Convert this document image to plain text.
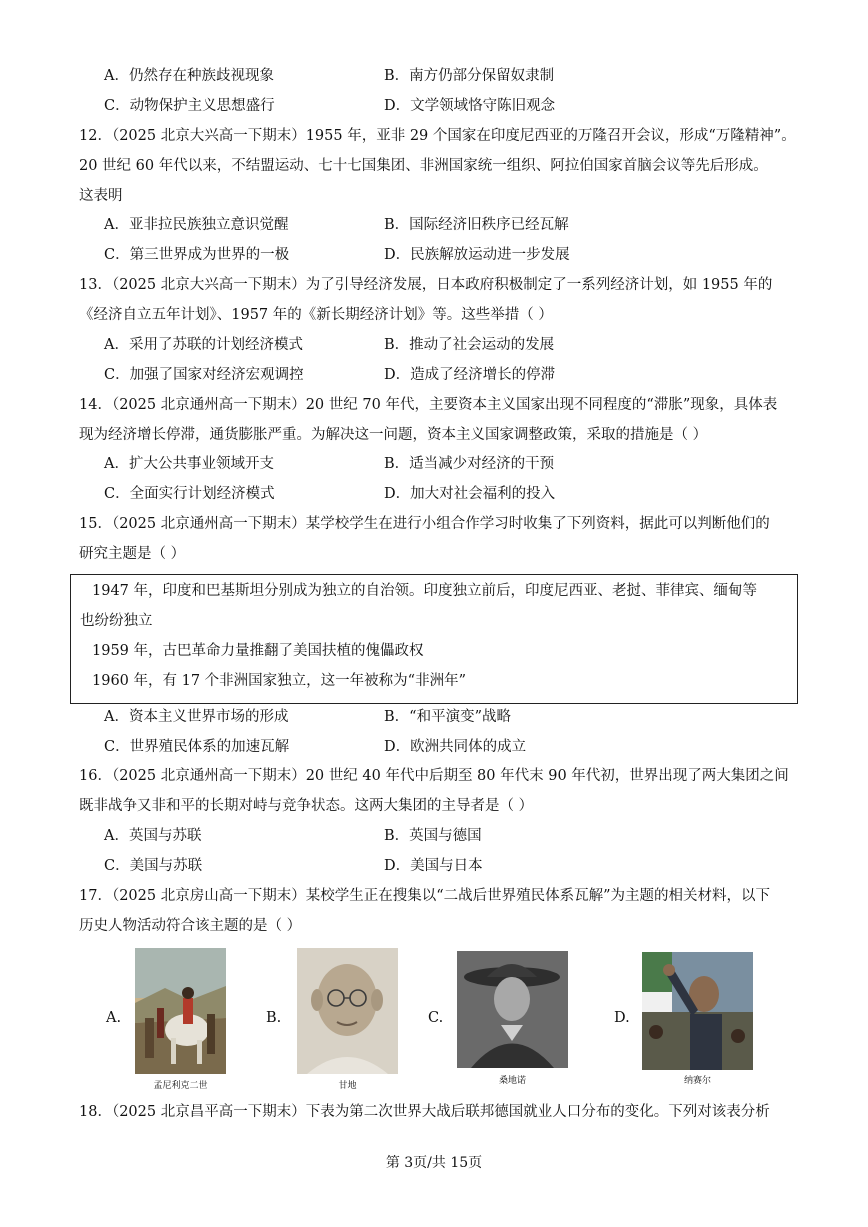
A．仍然存在种族歧视现象	B．南方仍部分保留奴隶制
C．动物保护主义思想盛行	D．文学领域恪守陈旧观念
12．（2025 北京大兴高一下期末）1955 年，亚非 29 个国家在印度尼西亚的万隆召开会议，形成“万隆精神”。
20 世纪 60 年代以来，不结盟运动、七十七国集团、非洲国家统一组织、阿拉伯国家首脑会议等先后形成。
这表明
A．亚非拉民族独立意识觉醒	B．国际经济旧秩序已经瓦解
C．第三世界成为世界的一极	D．民族解放运动进一步发展
13．（2025 北京大兴高一下期末）为了引导经济发展，日本政府积极制定了一系列经济计划，如 1955 年的
《经济自立五年计划》、1957 年的《新长期经济计划》等。这些举措（ ）
A．采用了苏联的计划经济模式	B．推动了社会运动的发展
C．加强了国家对经济宏观调控	D．造成了经济增长的停滞
14．（2025 北京通州高一下期末）20 世纪 70 年代，主要资本主义国家出现不同程度的“滞胀”现象，具体表
现为经济增长停滞，通货膨胀严重。为解决这一问题，资本主义国家调整政策，采取的措施是（ ）
A．扩大公共事业领域开支	B．适当减少对经济的干预
C．全面实行计划经济模式	D．加大对社会福利的投入
15．（2025 北京通州高一下期末）某学校学生在进行小组合作学习时收集了下列资料，据此可以判断他们的
研究主题是（ ）
1947 年，印度和巴基斯坦分别成为独立的自治领。印度独立前后，印度尼西亚、老挝、菲律宾、缅甸等
也纷纷独立
1959 年，古巴革命力量推翻了美国扶植的傀儡政权
1960 年，有 17 个非洲国家独立，这一年被称为“非洲年”
A．资本主义世界市场的形成	B．“和平演变”战略
C．世界殖民体系的加速瓦解	D．欧洲共同体的成立
16．（2025 北京通州高一下期末）20 世纪 40 年代中后期至 80 年代末 90 年代初，世界出现了两大集团之间
既非战争又非和平的长期对峙与竞争状态。这两大集团的主导者是（ ）
A．英国与苏联	B．英国与德国
C．美国与苏联	D．美国与日本
17．（2025 北京房山高一下期末）某校学生正在搜集以“二战后世界殖民体系瓦解”为主题的相关材料，以下
历史人物活动符合该主题的是（ ）
A.
孟尼利克二世
B.
甘地
C.
桑地诺
D.
纳赛尔
18．（2025 北京昌平高一下期末）下表为第二次世界大战后联邦德国就业人口分布的变化。下列对该表分析
第 3页/共 15页
